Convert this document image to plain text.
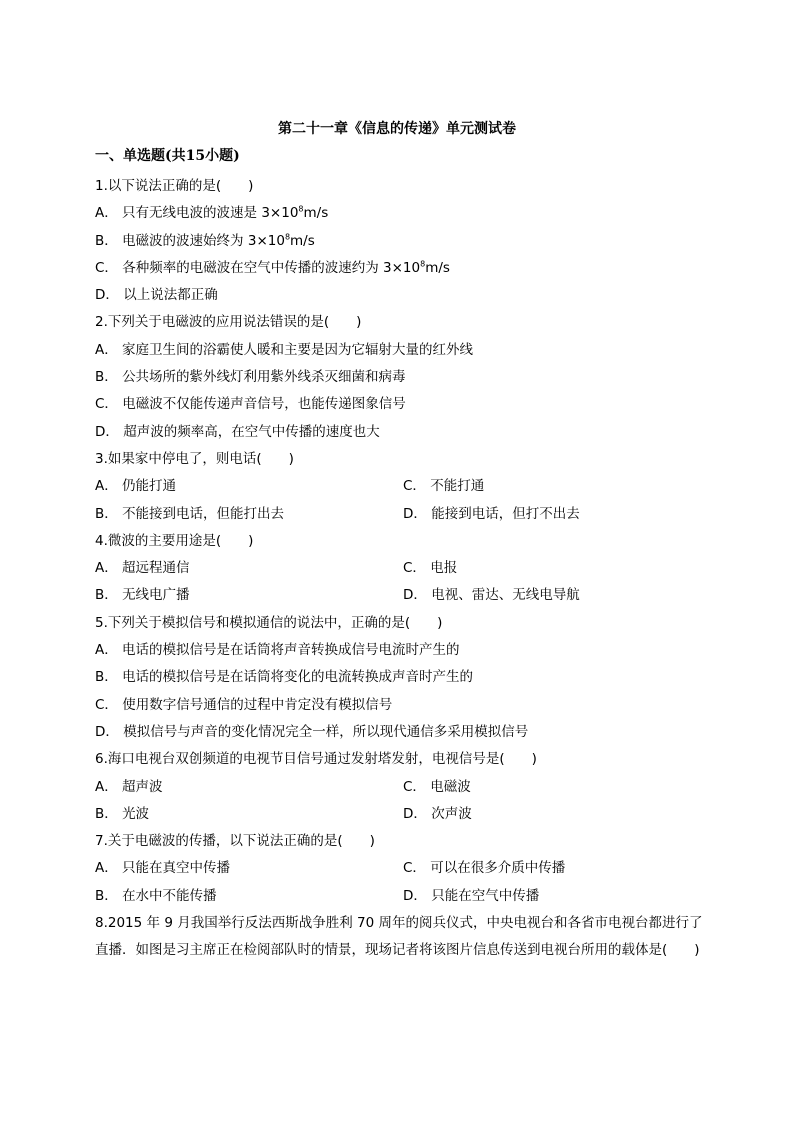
第二十一章《信息的传递》单元测试卷
一、单选题(共15小题)
1.以下说法正确的是(　　)
A． 只有无线电波的波速是 $3\times 10^8m/s$
B． 电磁波的波速始终为 $3\times 10^8m/s$
C． 各种频率的电磁波在空气中传播的波速约为 $3\times 10^8m/s$
D． 以上说法都正确
2.下列关于电磁波的应用说法错误的是(　　)
A． 家庭卫生间的浴霸使人暖和主要是因为它辐射大量的红外线
B． 公共场所的紫外线灯利用紫外线杀灭细菌和病毒
C． 电磁波不仅能传递声音信号，也能传递图象信号
D． 超声波的频率高，在空气中传播的速度也大
3.如果家中停电了，则电话(　　)
A． 仍能打通	C． 不能打通
B． 不能接到电话，但能打出去	D． 能接到电话，但打不出去
4.微波的主要用途是(　　)
A． 超远程通信	C． 电报
B． 无线电广播	D． 电视、雷达、无线电导航
5.下列关于模拟信号和模拟通信的说法中，正确的是(　　)
A． 电话的模拟信号是在话筒将声音转换成信号电流时产生的
B． 电话的模拟信号是在话筒将变化的电流转换成声音时产生的
C． 使用数字信号通信的过程中肯定没有模拟信号
D． 模拟信号与声音的变化情况完全一样，所以现代通信多采用模拟信号
6.海口电视台双创频道的电视节目信号通过发射塔发射，电视信号是(　　)
A． 超声波	C． 电磁波
B． 光波	D． 次声波
7.关于电磁波的传播，以下说法正确的是(　　)
A． 只能在真空中传播	C． 可以在很多介质中传播
B． 在水中不能传播	D． 只能在空气中传播
8.2015 年 9 月我国举行反法西斯战争胜利 70 周年的阅兵仪式，中央电视台和各省市电视台都进行了直播．如图是习主席正在检阅部队时的情景，现场记者将该图片信息传送到电视台所用的载体是(　　)
